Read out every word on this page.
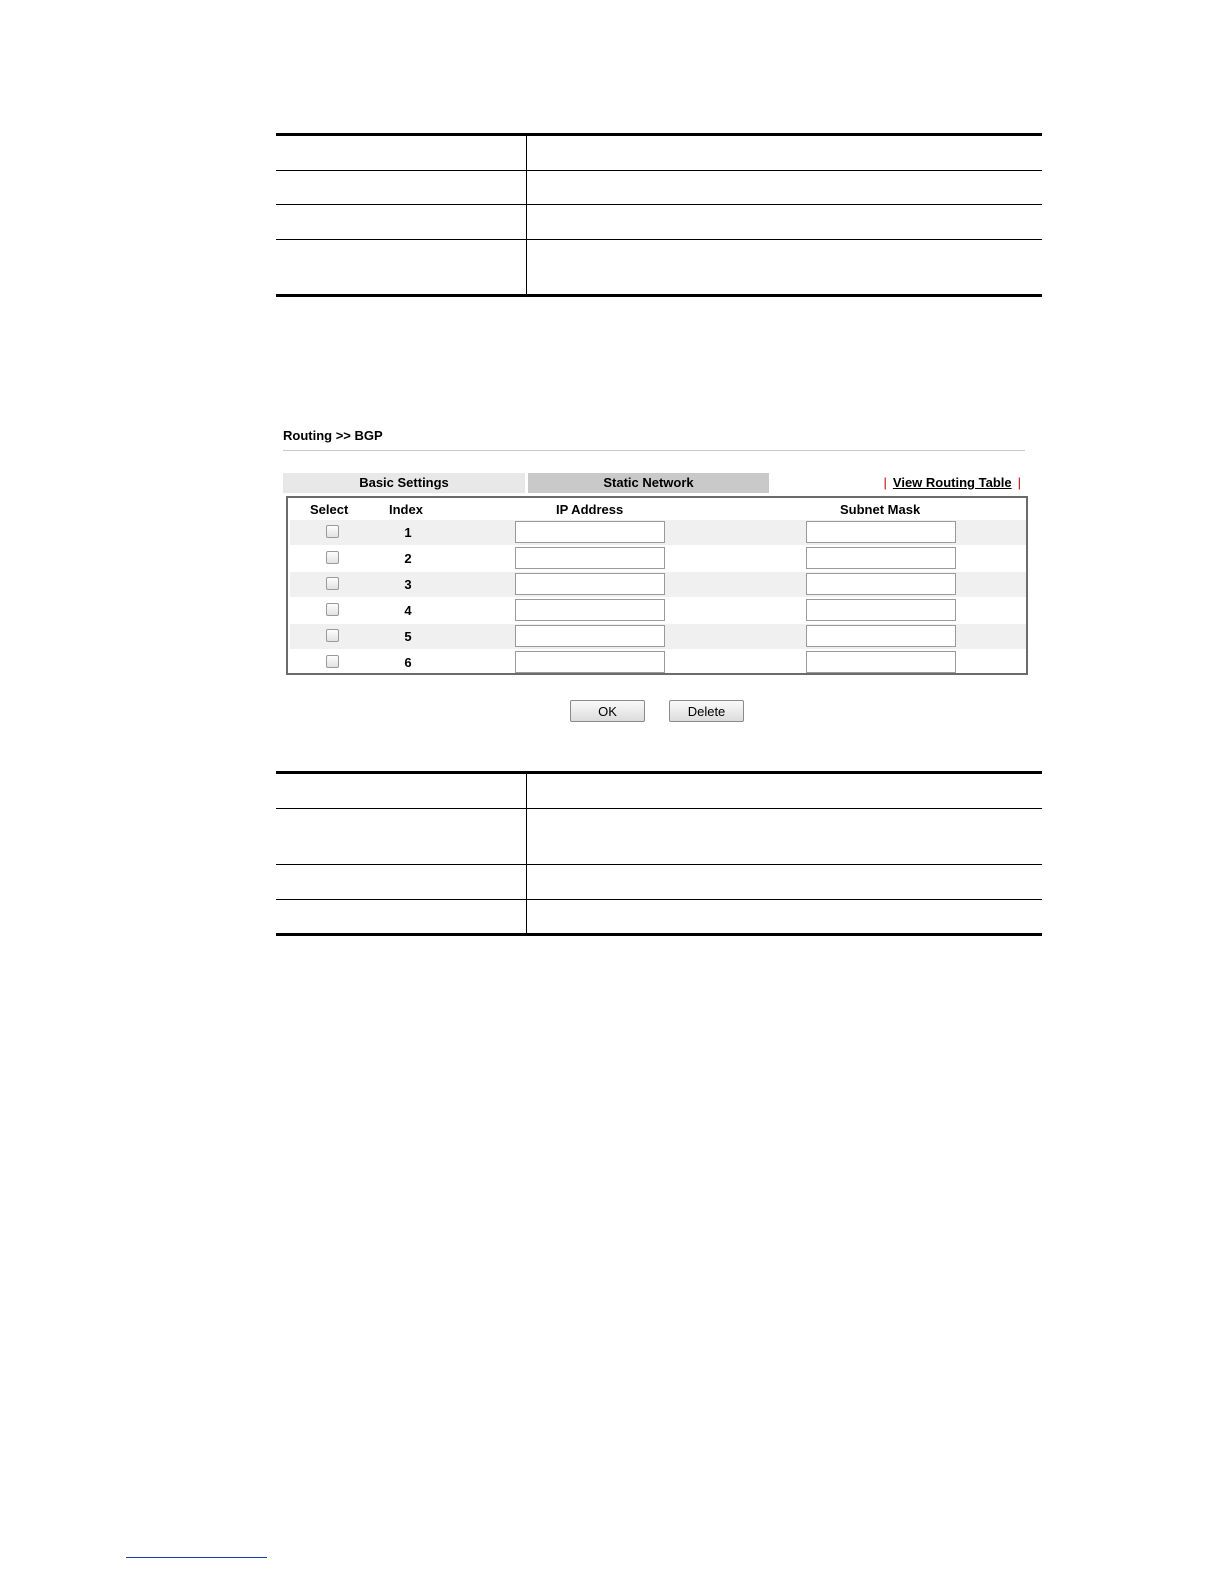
Routing >> BGP
Basic Settings	Static Network	| View Routing Table |
Select	Index	IP Address	Subnet Mask
1
2
3
4
5
6
OK	Delete
